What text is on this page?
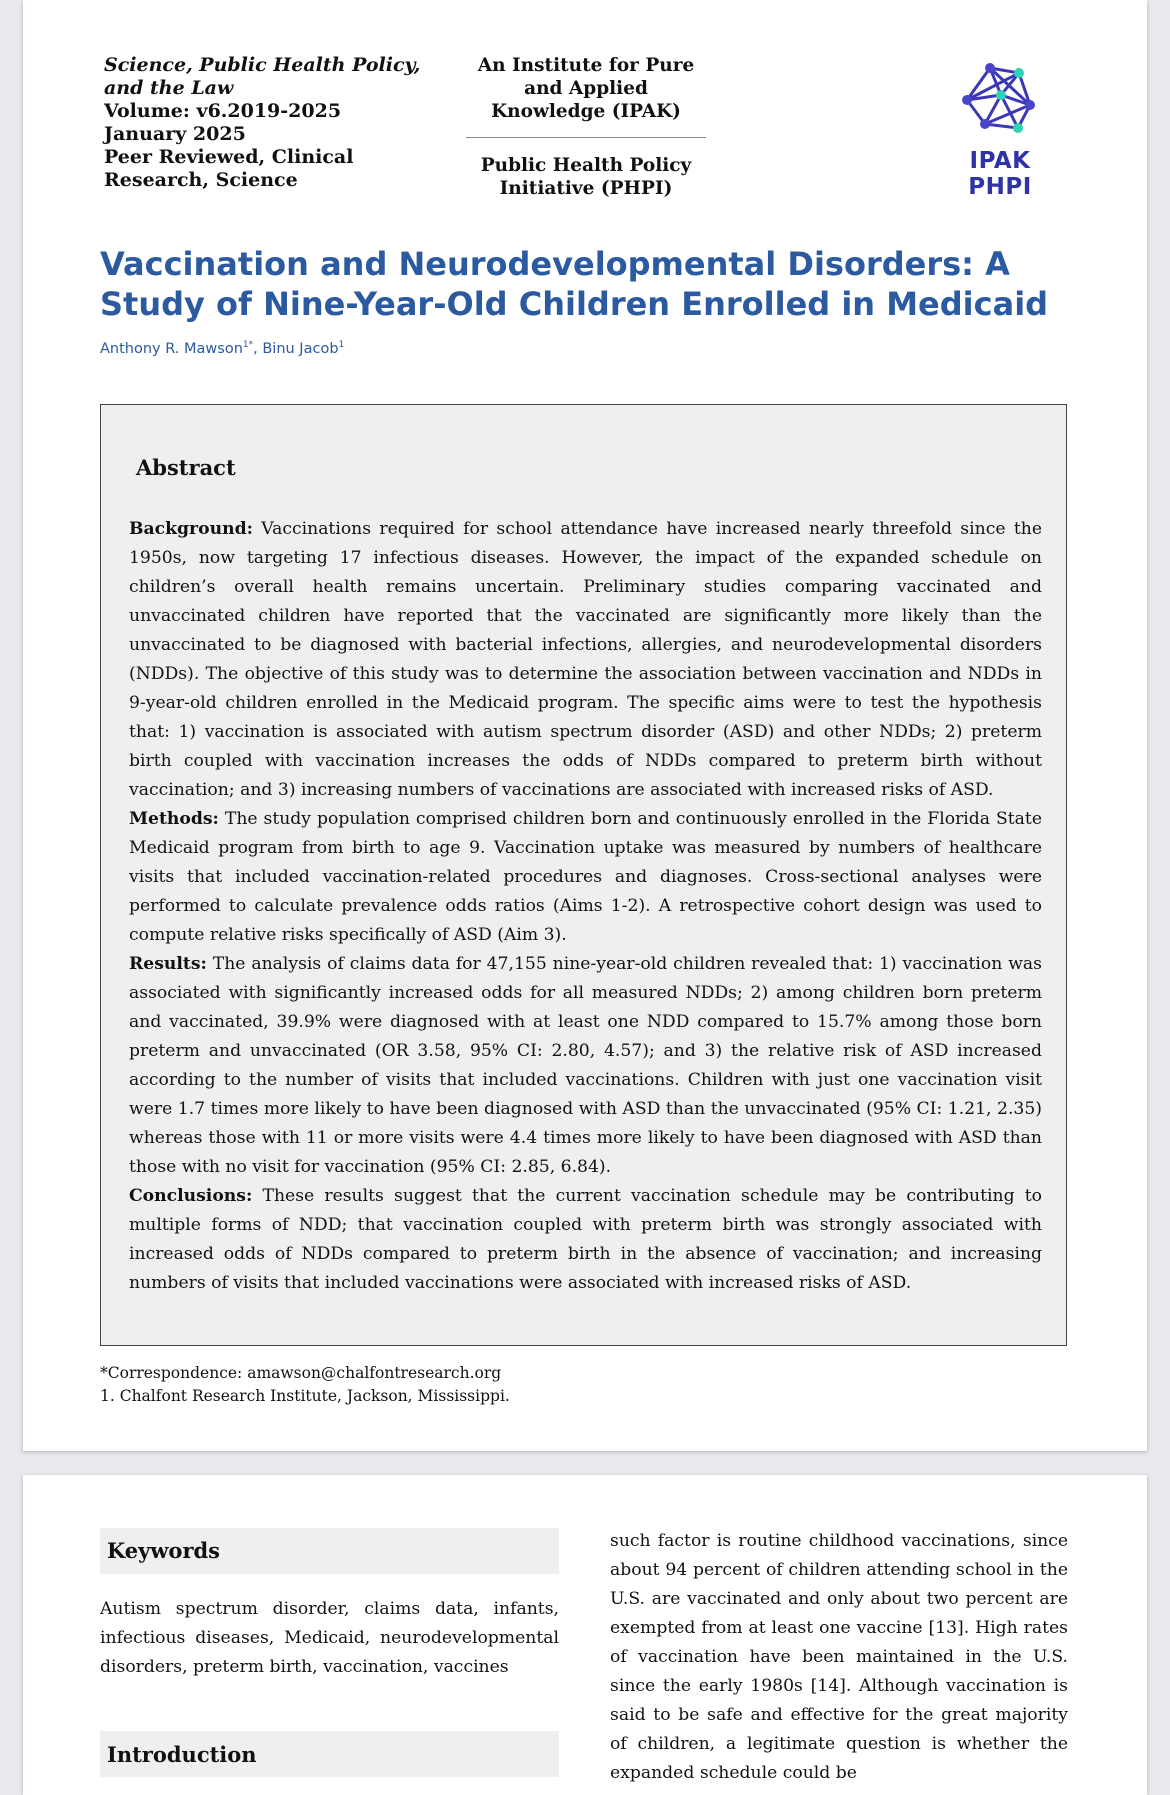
Science, Public Health Policy,
and the Law
Volume: v6.2019-2025
January 2025
Peer Reviewed, Clinical
Research, Science
An Institute for Pure and Applied Knowledge (IPAK)
Public Health Policy Initiative (PHPI)
IPAK PHPI
Vaccination and Neurodevelopmental Disorders: A Study of Nine-Year-Old Children Enrolled in Medicaid
Anthony R. Mawson$^{1*}$, Binu Jacob$^1$
Abstract

Background: Vaccinations required for school attendance have increased nearly threefold since the 1950s, now targeting 17 infectious diseases. However, the impact of the expanded schedule on children’s overall health remains uncertain. Preliminary studies comparing vaccinated and unvaccinated children have reported that the vaccinated are significantly more likely than the unvaccinated to be diagnosed with bacterial infections, allergies, and neurodevelopmental disorders (NDDs). The objective of this study was to determine the association between vaccination and NDDs in 9-year-old children enrolled in the Medicaid program. The specific aims were to test the hypothesis that: 1) vaccination is associated with autism spectrum disorder (ASD) and other NDDs; 2) preterm birth coupled with vaccination increases the odds of NDDs compared to preterm birth without vaccination; and 3) increasing numbers of vaccinations are associated with increased risks of ASD.

Methods: The study population comprised children born and continuously enrolled in the Florida State Medicaid program from birth to age 9. Vaccination uptake was measured by numbers of healthcare visits that included vaccination-related procedures and diagnoses. Cross-sectional analyses were performed to calculate prevalence odds ratios (Aims 1-2). A retrospective cohort design was used to compute relative risks specifically of ASD (Aim 3).

Results: The analysis of claims data for 47,155 nine-year-old children revealed that: 1) vaccination was associated with significantly increased odds for all measured NDDs; 2) among children born preterm and vaccinated, 39.9% were diagnosed with at least one NDD compared to 15.7% among those born preterm and unvaccinated (OR 3.58, 95% CI: 2.80, 4.57); and 3) the relative risk of ASD increased according to the number of visits that included vaccinations. Children with just one vaccination visit were 1.7 times more likely to have been diagnosed with ASD than the unvaccinated (95% CI: 1.21, 2.35) whereas those with 11 or more visits were 4.4 times more likely to have been diagnosed with ASD than those with no visit for vaccination (95% CI: 2.85, 6.84).

Conclusions: These results suggest that the current vaccination schedule may be contributing to multiple forms of NDD; that vaccination coupled with preterm birth was strongly associated with increased odds of NDDs compared to preterm birth in the absence of vaccination; and increasing numbers of visits that included vaccinations were associated with increased risks of ASD.

*Correspondence: amawson@chalfontresearch.org
1. Chalfont Research Institute, Jackson, Mississippi.
Keywords
Autism spectrum disorder, claims data, infants, infectious diseases, Medicaid, neurodevelopmental disorders, preterm birth, vaccination, vaccines
Introduction
such factor is routine childhood vaccinations, since about 94 percent of children attending school in the U.S. are vaccinated and only about two percent are exempted from at least one vaccine [13]. High rates of vaccination have been maintained in the U.S. since the early 1980s [14]. Although vaccination is said to be safe and effective for the great majority of children, a legitimate question is whether the expanded schedule could be
